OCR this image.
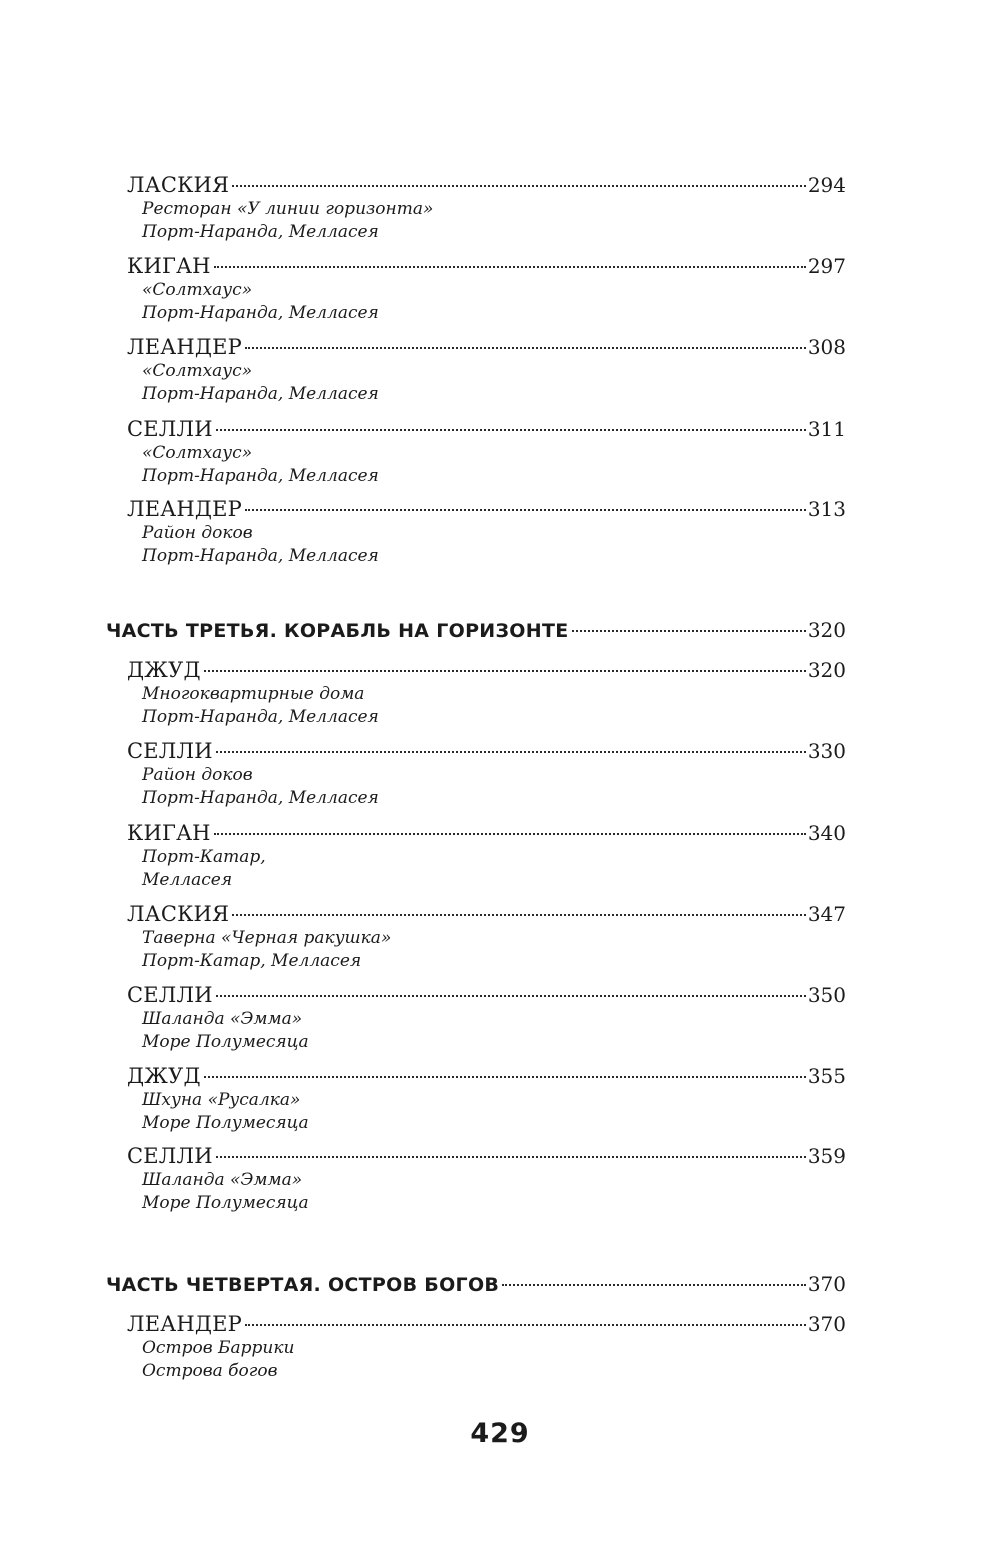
ЛАСКИЯ	294
Ресторан «У линии горизонта»
Порт-Наранда, Мелласея
КИГАН	297
«Солтхаус»
Порт-Наранда, Мелласея
ЛЕАНДЕР	308
«Солтхаус»
Порт-Наранда, Мелласея
СЕЛЛИ	311
«Солтхаус»
Порт-Наранда, Мелласея
ЛЕАНДЕР	313
Район доков
Порт-Наранда, Мелласея
ЧАСТЬ ТРЕТЬЯ. КОРАБЛЬ НА ГОРИЗОНТЕ	320
ДЖУД	320
Многоквартирные дома
Порт-Наранда, Мелласея
СЕЛЛИ	330
Район доков
Порт-Наранда, Мелласея
КИГАН	340
Порт-Катар,
Мелласея
ЛАСКИЯ	347
Таверна «Черная ракушка»
Порт-Катар, Мелласея
СЕЛЛИ	350
Шаланда «Эмма»
Море Полумесяца
ДЖУД	355
Шхуна «Русалка»
Море Полумесяца
СЕЛЛИ	359
Шаланда «Эмма»
Море Полумесяца
ЧАСТЬ ЧЕТВЕРТАЯ. ОСТРОВ БОГОВ	370
ЛЕАНДЕР	370
Остров Баррики
Острова богов
429
